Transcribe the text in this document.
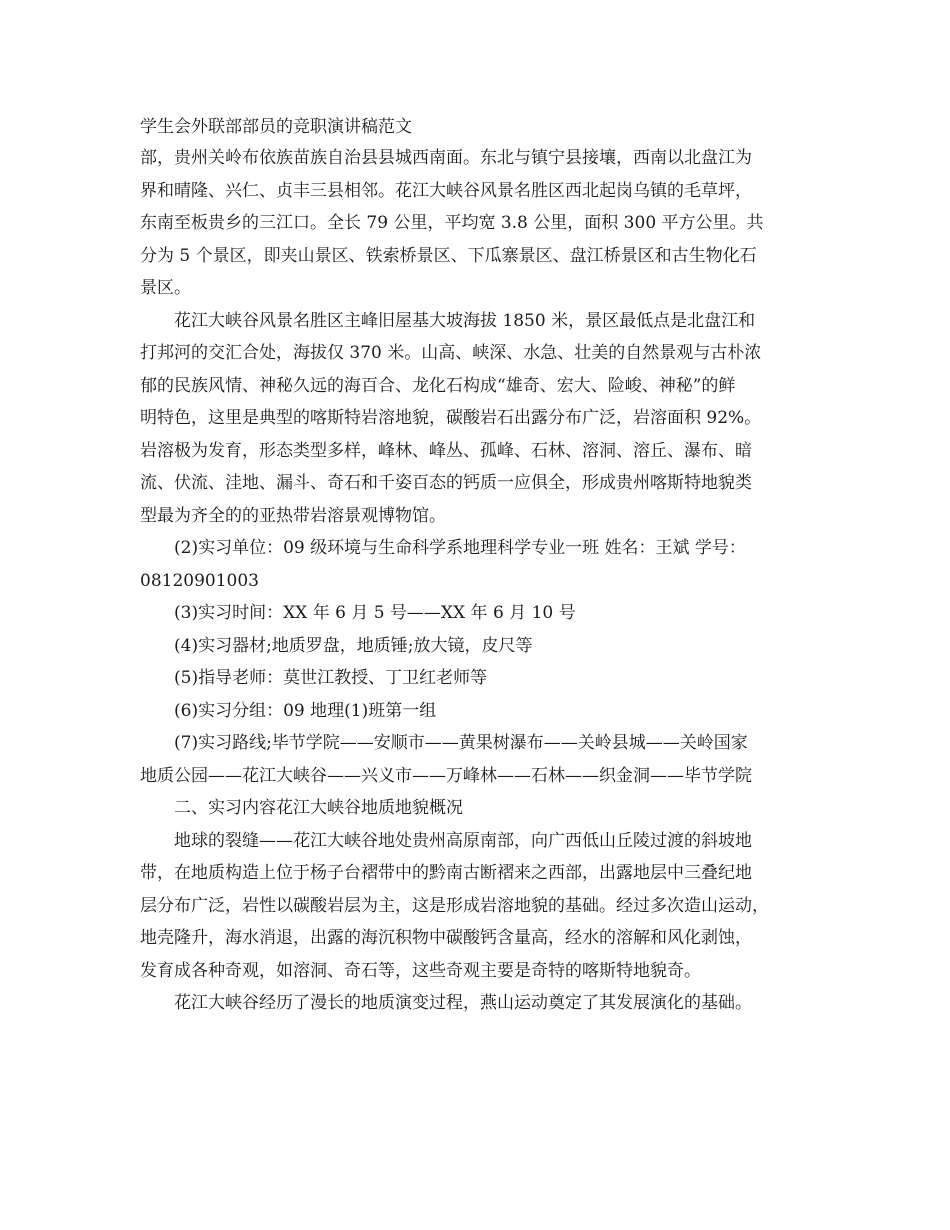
学生会外联部部员的竞职演讲稿范文

部，贵州关岭布依族苗族自治县县城西南面。东北与镇宁县接壤，西南以北盘江为
界和晴隆、兴仁、贞丰三县相邻。花江大峡谷风景名胜区西北起岗乌镇的毛草坪，
东南至板贵乡的三江口。全长 79 公里，平均宽 3.8 公里，面积 300 平方公里。共
分为 5 个景区，即夹山景区、铁索桥景区、下瓜寨景区、盘江桥景区和古生物化石
景区。

花江大峡谷风景名胜区主峰旧屋基大坡海拔 1850 米，景区最低点是北盘江和
打邦河的交汇合处，海拔仅 370 米。山高、峡深、水急、壮美的自然景观与古朴浓
郁的民族风情、神秘久远的海百合、龙化石构成“雄奇、宏大、险峻、神秘”的鲜
明特色，这里是典型的喀斯特岩溶地貌，碳酸岩石出露分布广泛，岩溶面积 92%。
岩溶极为发育，形态类型多样，峰林、峰丛、孤峰、石林、溶洞、溶丘、瀑布、暗
流、伏流、洼地、漏斗、奇石和千姿百态的钙质一应俱全，形成贵州喀斯特地貌类
型最为齐全的的亚热带岩溶景观博物馆。

(2)实习单位：09 级环境与生命科学系地理科学专业一班 姓名：王斌 学号：
08120901003

(3)实习时间：XX 年 6 月 5 号——XX 年 6 月 10 号

(4)实习器材;地质罗盘，地质锤;放大镜，皮尺等

(5)指导老师：莫世江教授、丁卫红老师等

(6)实习分组：09 地理(1)班第一组

(7)实习路线;毕节学院——安顺市——黄果树瀑布——关岭县城——关岭国家
地质公园——花江大峡谷——兴义市——万峰林——石林——织金洞——毕节学院

二、实习内容花江大峡谷地质地貌概况

地球的裂缝——花江大峡谷地处贵州高原南部，向广西低山丘陵过渡的斜坡地
带，在地质构造上位于杨子台褶带中的黔南古断褶来之西部，出露地层中三叠纪地
层分布广泛，岩性以碳酸岩层为主，这是形成岩溶地貌的基础。经过多次造山运动，
地壳隆升，海水消退，出露的海沉积物中碳酸钙含量高，经水的溶解和风化剥蚀，
发育成各种奇观，如溶洞、奇石等，这些奇观主要是奇特的喀斯特地貌奇。

花江大峡谷经历了漫长的地质演变过程，燕山运动奠定了其发展演化的基础。
